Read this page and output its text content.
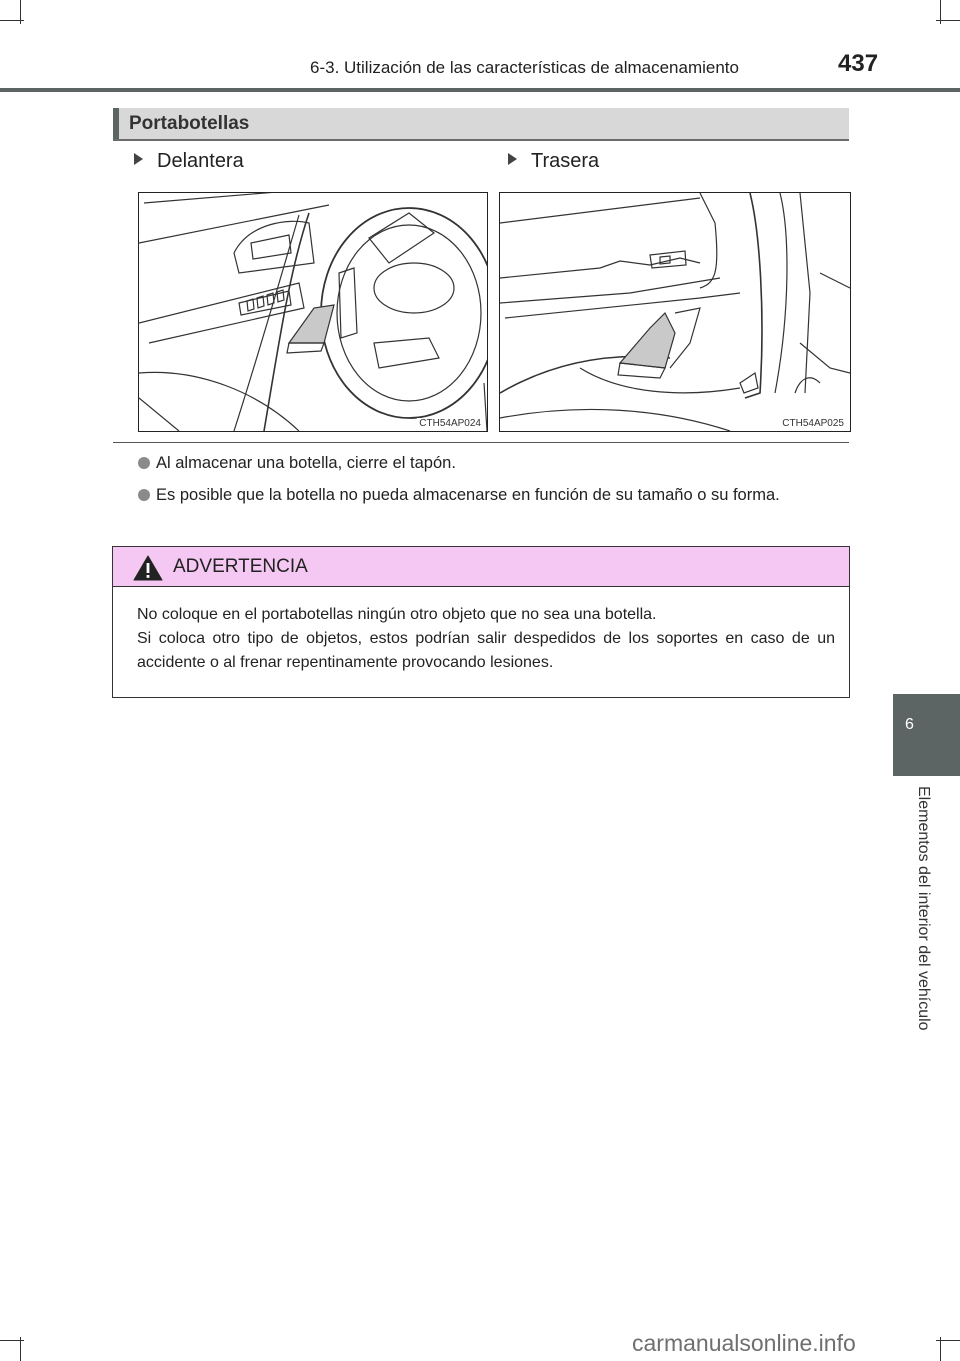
6-3. Utilización de las características de almacenamiento	437
6
Elementos del interior del vehículo
Portabotellas
Delantera	Trasera
CTH54AP024	CTH54AP025
Al almacenar una botella, cierre el tapón.
Es posible que la botella no pueda almacenarse en función de su tamaño o su forma.
ADVERTENCIA

No coloque en el portabotellas ningún otro objeto que no sea una botella.

Si coloca otro tipo de objetos, estos podrían salir despedidos de los soportes en caso de un accidente o al frenar repentinamente provocando lesiones.

carmanualsonline.info
